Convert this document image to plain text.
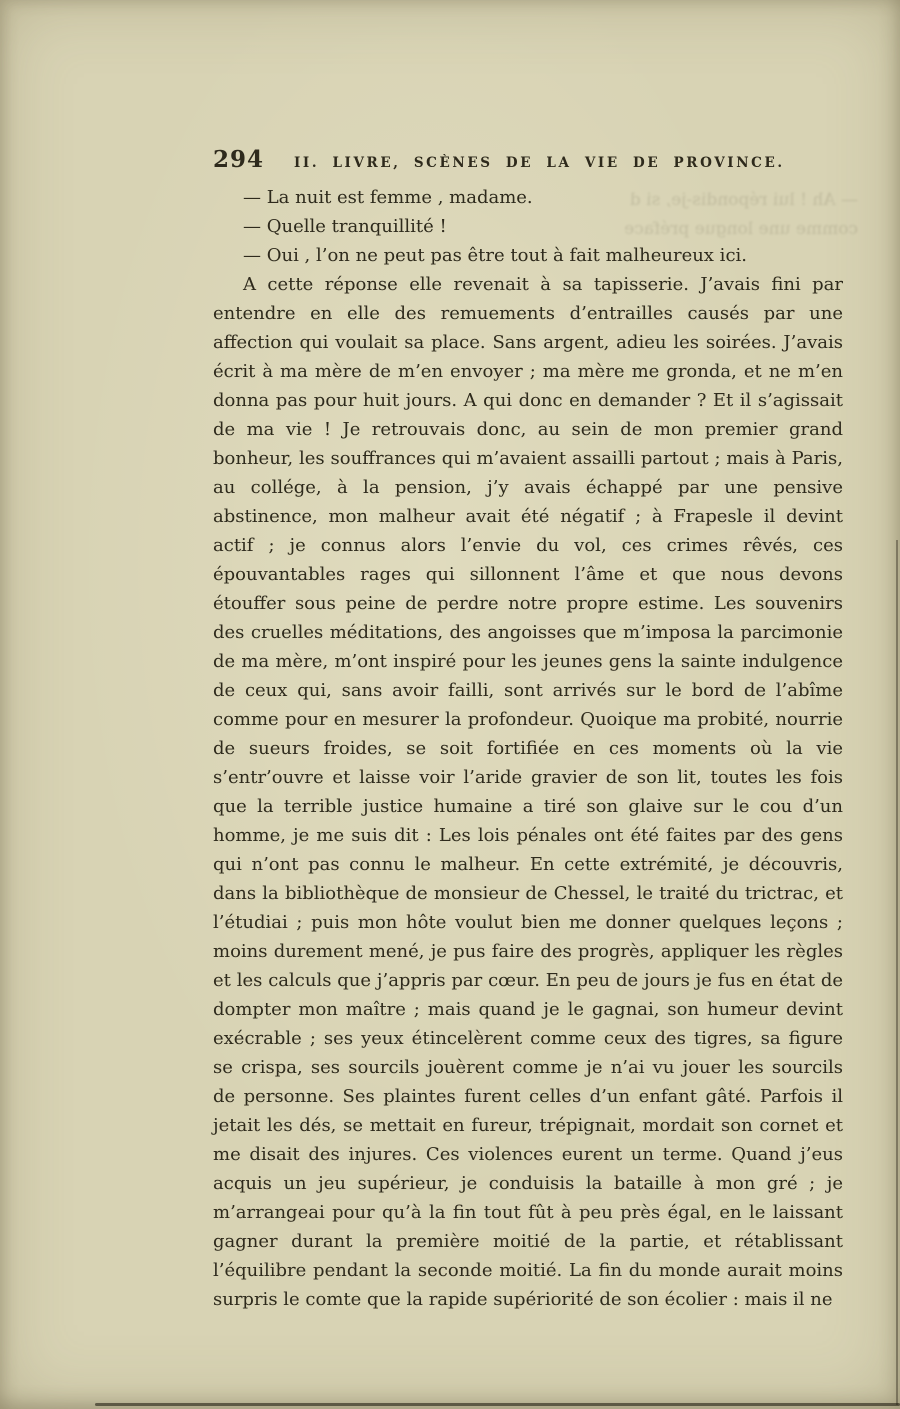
— Ah ! lui répondis-je, si d
comme une longue préface
294 II. LIVRE, SCÈNES DE LA VIE DE PROVINCE.

— La nuit est femme , madame.

— Quelle tranquillité !

— Oui , l’on ne peut pas être tout à fait malheureux ici.

A cette réponse elle revenait à sa tapisserie. J’avais fini par entendre en elle des remuements d’entrailles causés par une affection qui voulait sa place. Sans argent, adieu les soirées. J’avais écrit à ma mère de m’en envoyer ; ma mère me gronda, et ne m’en donna pas pour huit jours. A qui donc en demander ? Et il s’agissait de ma vie ! Je retrouvais donc, au sein de mon premier grand bonheur, les souffrances qui m’avaient assailli partout ; mais à Paris, au collége, à la pension, j’y avais échappé par une pensive abstinence, mon malheur avait été négatif ; à Frapesle il devint actif ; je connus alors l’envie du vol, ces crimes rêvés, ces épouvantables rages qui sillonnent l’âme et que nous devons étouffer sous peine de perdre notre propre estime. Les souvenirs des cruelles méditations, des angoisses que m’imposa la parcimonie de ma mère, m’ont inspiré pour les jeunes gens la sainte indulgence de ceux qui, sans avoir failli, sont arrivés sur le bord de l’abîme comme pour en mesurer la profondeur. Quoique ma probité, nourrie de sueurs froides, se soit fortifiée en ces moments où la vie s’entr’ouvre et laisse voir l’aride gravier de son lit, toutes les fois que la terrible justice humaine a tiré son glaive sur le cou d’un homme, je me suis dit : Les lois pénales ont été faites par des gens qui n’ont pas connu le malheur. En cette extrémité, je découvris, dans la bibliothèque de monsieur de Chessel, le traité du trictrac, et l’étudiai ; puis mon hôte voulut bien me donner quelques leçons ; moins durement mené, je pus faire des progrès, appliquer les règles et les calculs que j’appris par cœur. En peu de jours je fus en état de dompter mon maître ; mais quand je le gagnai, son humeur devint exécrable ; ses yeux étincelèrent comme ceux des tigres, sa figure se crispa, ses sourcils jouèrent comme je n’ai vu jouer les sourcils de personne. Ses plaintes furent celles d’un enfant gâté. Parfois il jetait les dés, se mettait en fureur, trépignait, mordait son cornet et me disait des injures. Ces violences eurent un terme. Quand j’eus acquis un jeu supérieur, je conduisis la bataille à mon gré ; je m’arrangeai pour qu’à la fin tout fût à peu près égal, en le laissant gagner durant la première moitié de la partie, et rétablissant l’équilibre pendant la seconde moitié. La fin du monde aurait moins surpris le comte que la rapide supériorité de son écolier : mais il ne
